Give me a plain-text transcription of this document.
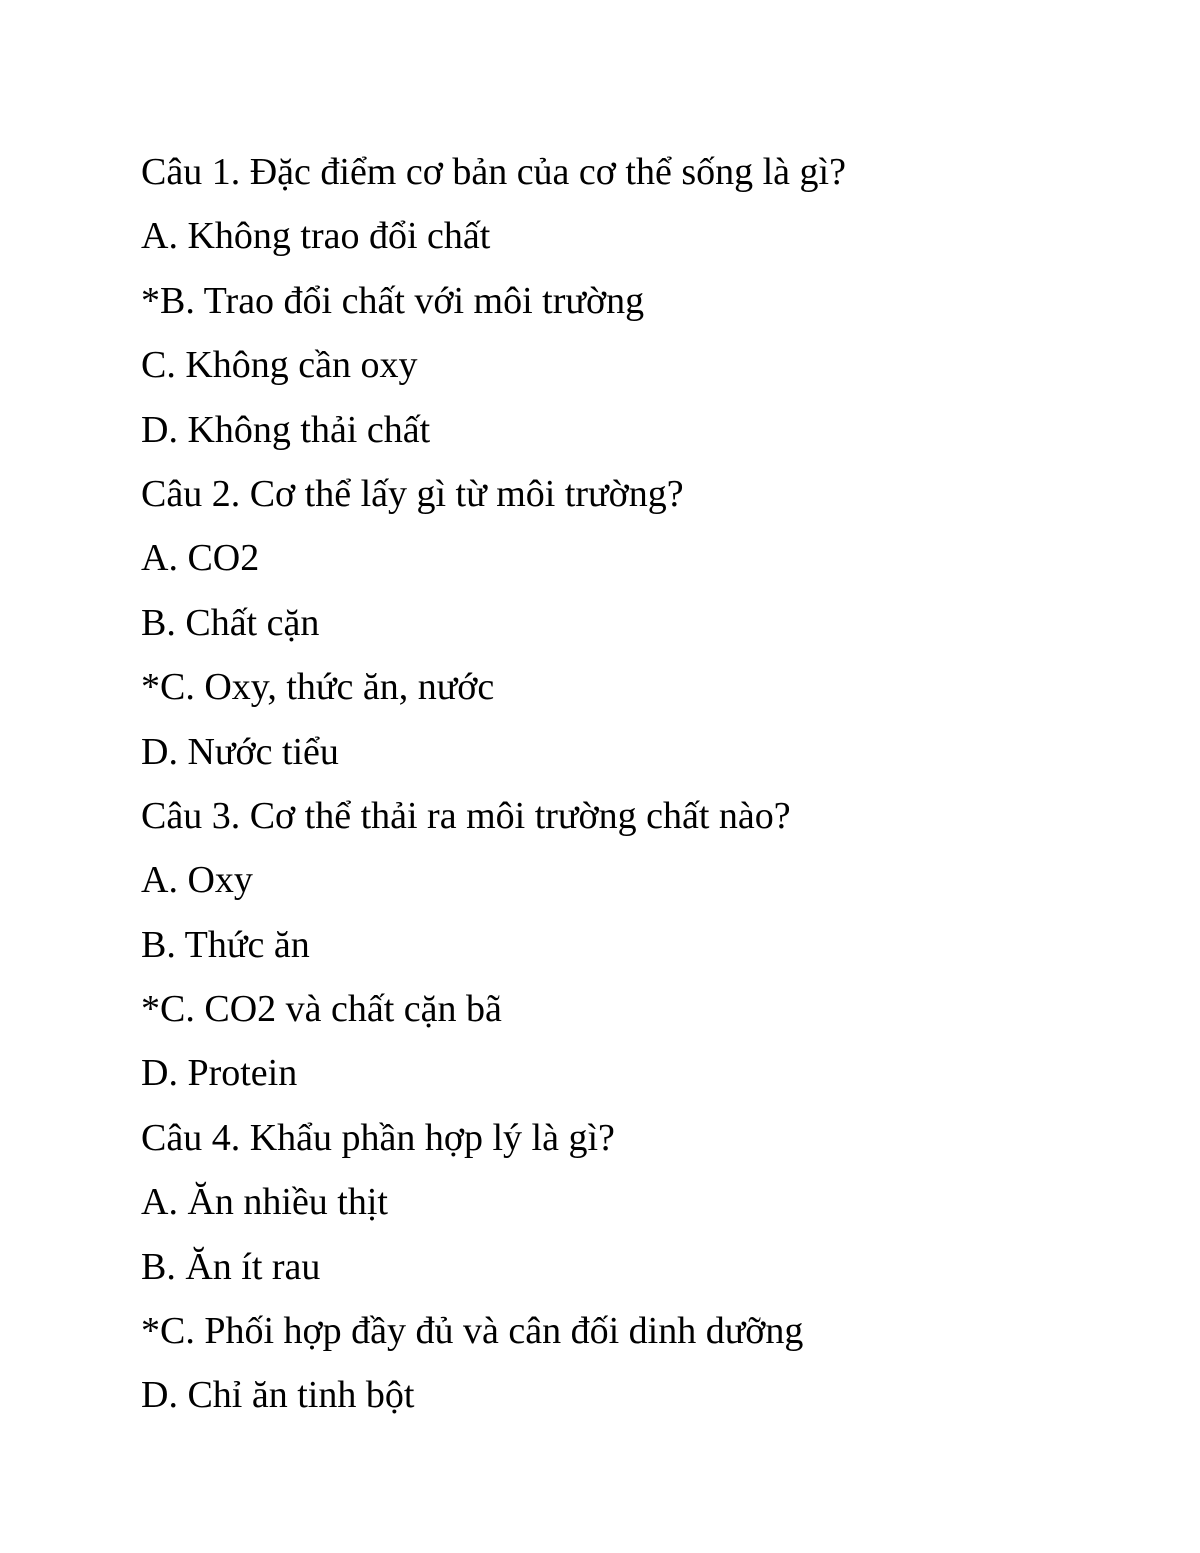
Câu 1. Đặc điểm cơ bản của cơ thể sống là gì?
A. Không trao đổi chất
*B. Trao đổi chất với môi trường
C. Không cần oxy
D. Không thải chất
Câu 2. Cơ thể lấy gì từ môi trường?
A. CO2
B. Chất cặn
*C. Oxy, thức ăn, nước
D. Nước tiểu
Câu 3. Cơ thể thải ra môi trường chất nào?
A. Oxy
B. Thức ăn
*C. CO2 và chất cặn bã
D. Protein
Câu 4. Khẩu phần hợp lý là gì?
A. Ăn nhiều thịt
B. Ăn ít rau
*C. Phối hợp đầy đủ và cân đối dinh dưỡng
D. Chỉ ăn tinh bột
